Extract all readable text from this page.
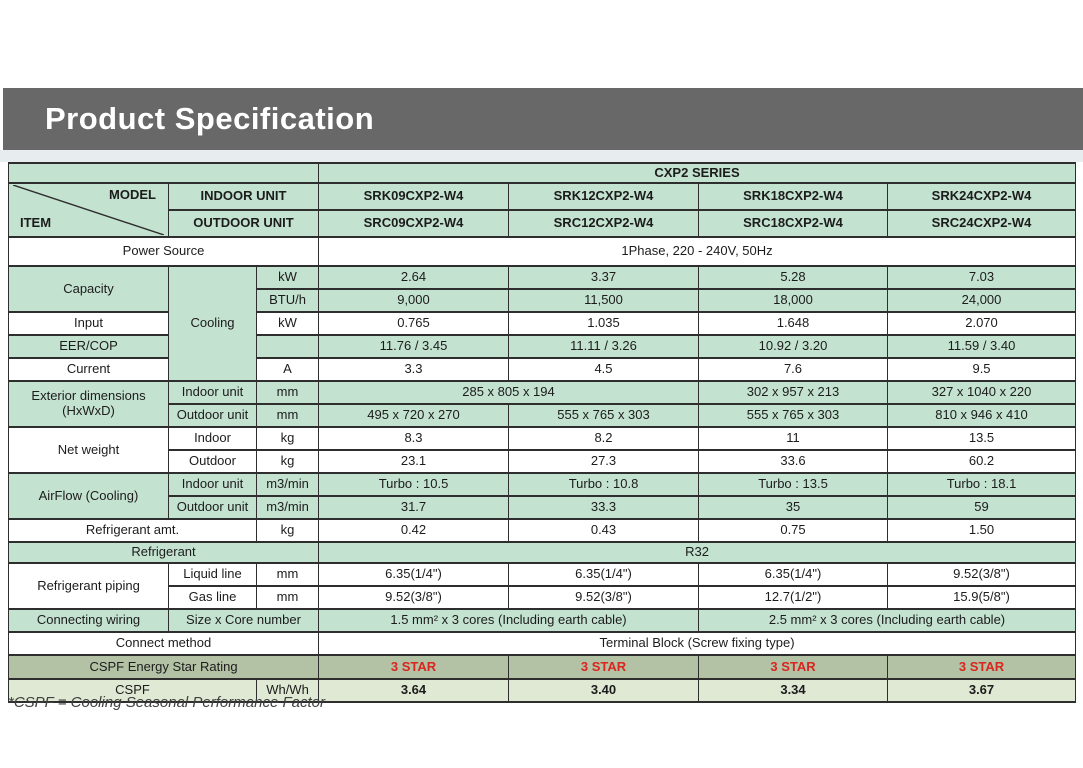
Product Specification
			CXP2 SERIES			

MODEL
ITEM	INDOOR UNIT		SRK09CXP2-W4	SRK12CXP2-W4	SRK18CXP2-W4	SRK24CXP2-W4
	OUTDOOR UNIT		SRC09CXP2-W4	SRC12CXP2-W4	SRC18CXP2-W4	SRC24CXP2-W4
Power Source			1Phase, 220 - 240V, 50Hz			
Capacity	Cooling	kW	2.64	3.37	5.28	7.03
		BTU/h	9,000	11,500	18,000	24,000
Input		kW	0.765	1.035	1.648	2.070
EER/COP			11.76 / 3.45	11.11 / 3.26	10.92 / 3.20	11.59 / 3.40
Current		A	3.3	4.5	7.6	9.5
Exterior dimensions (HxWxD)	Indoor unit	mm	285 x 805 x 194		302 x 957 x 213	327 x 1040 x 220
	Outdoor unit	mm	495 x 720 x 270	555 x 765 x 303	555 x 765 x 303	810 x 946 x 410
Net weight	Indoor	kg	8.3	8.2	11	13.5
	Outdoor	kg	23.1	27.3	33.6	60.2
AirFlow (Cooling)	Indoor unit	m3/min	Turbo : 10.5	Turbo : 10.8	Turbo : 13.5	Turbo : 18.1
	Outdoor unit	m3/min	31.7	33.3	35	59
Refrigerant amt.		kg	0.42	0.43	0.75	1.50
Refrigerant			R32			
Refrigerant piping	Liquid line	mm	6.35(1/4")	6.35(1/4")	6.35(1/4")	9.52(3/8")
	Gas line	mm	9.52(3/8")	9.52(3/8")	12.7(1/2")	15.9(5/8")
Connecting wiring	Size x Core number		1.5 mm² x 3 cores (Including earth cable)		2.5 mm² x 3 cores (Including earth cable)	
Connect method			Terminal Block (Screw fixing type)			
CSPF Energy Star Rating			3 STAR	3 STAR	3 STAR	3 STAR
CSPF		Wh/Wh	3.64	3.40	3.34	3.67
*CSPF = Cooling Seasonal Performance Factor
